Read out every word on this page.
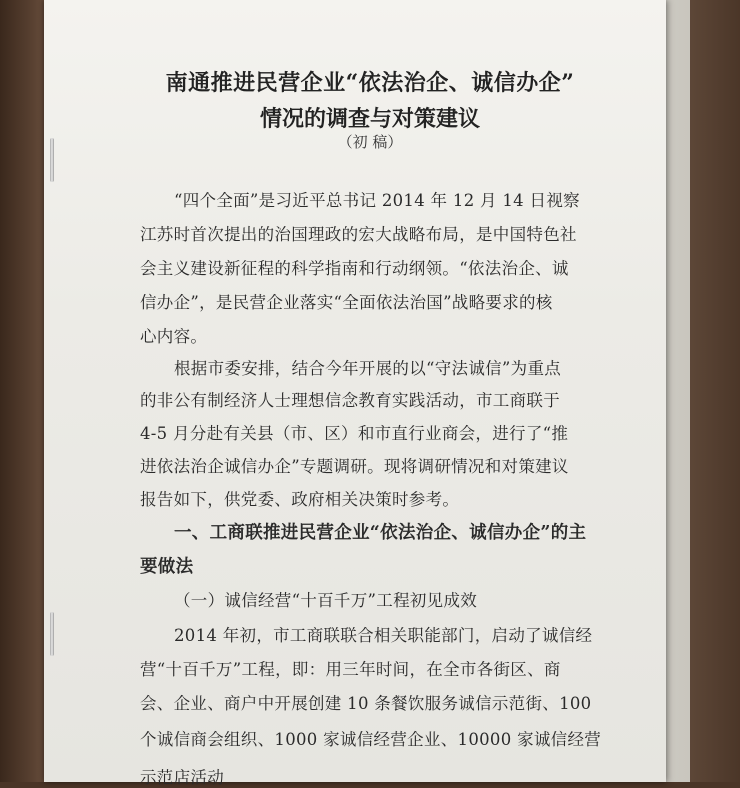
南通推进民营企业“依法治企、诚信办企”
情况的调查与对策建议
（初 稿）

“四个全面”是习近平总书记 2014 年 12 月 14 日视察

江苏时首次提出的治国理政的宏大战略布局，是中国特色社

会主义建设新征程的科学指南和行动纲领。“依法治企、诚

信办企”，是民营企业落实“全面依法治国”战略要求的核

心内容。

根据市委安排，结合今年开展的以“守法诚信”为重点

的非公有制经济人士理想信念教育实践活动，市工商联于

4-5 月分赴有关县（市、区）和市直行业商会，进行了“推

进依法治企诚信办企”专题调研。现将调研情况和对策建议

报告如下，供党委、政府相关决策时参考。

一、工商联推进民营企业“依法治企、诚信办企”的主

要做法

（一）诚信经营“十百千万”工程初见成效

2014 年初，市工商联联合相关职能部门，启动了诚信经

营“十百千万”工程，即：用三年时间，在全市各街区、商

会、企业、商户中开展创建 10 条餐饮服务诚信示范街、100

个诚信商会组织、1000 家诚信经营企业、10000 家诚信经营

示范店活动
